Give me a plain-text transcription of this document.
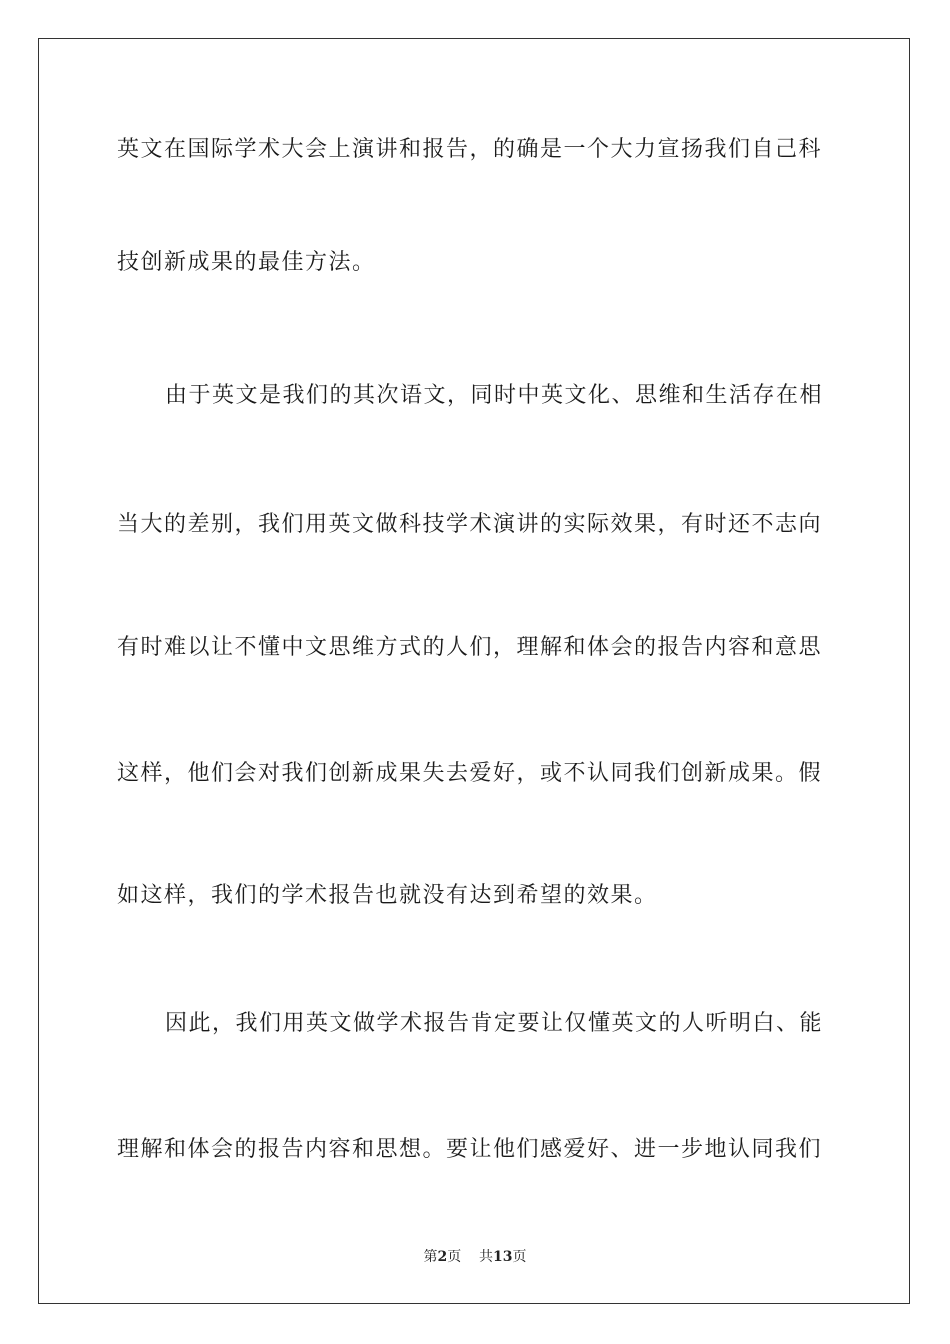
英文在国际学术大会上演讲和报告，的确是一个大力宣扬我们自己科
技创新成果的最佳方法。
由于英文是我们的其次语文，同时中英文化、思维和生活存在相
当大的差别，我们用英文做科技学术演讲的实际效果，有时还不志向
有时难以让不懂中文思维方式的人们，理解和体会的报告内容和意思
这样，他们会对我们创新成果失去爱好，或不认同我们创新成果。假
如这样，我们的学术报告也就没有达到希望的效果。
因此，我们用英文做学术报告肯定要让仅懂英文的人听明白、能
理解和体会的报告内容和思想。要让他们感爱好、进一步地认同我们
第2页 共13页
